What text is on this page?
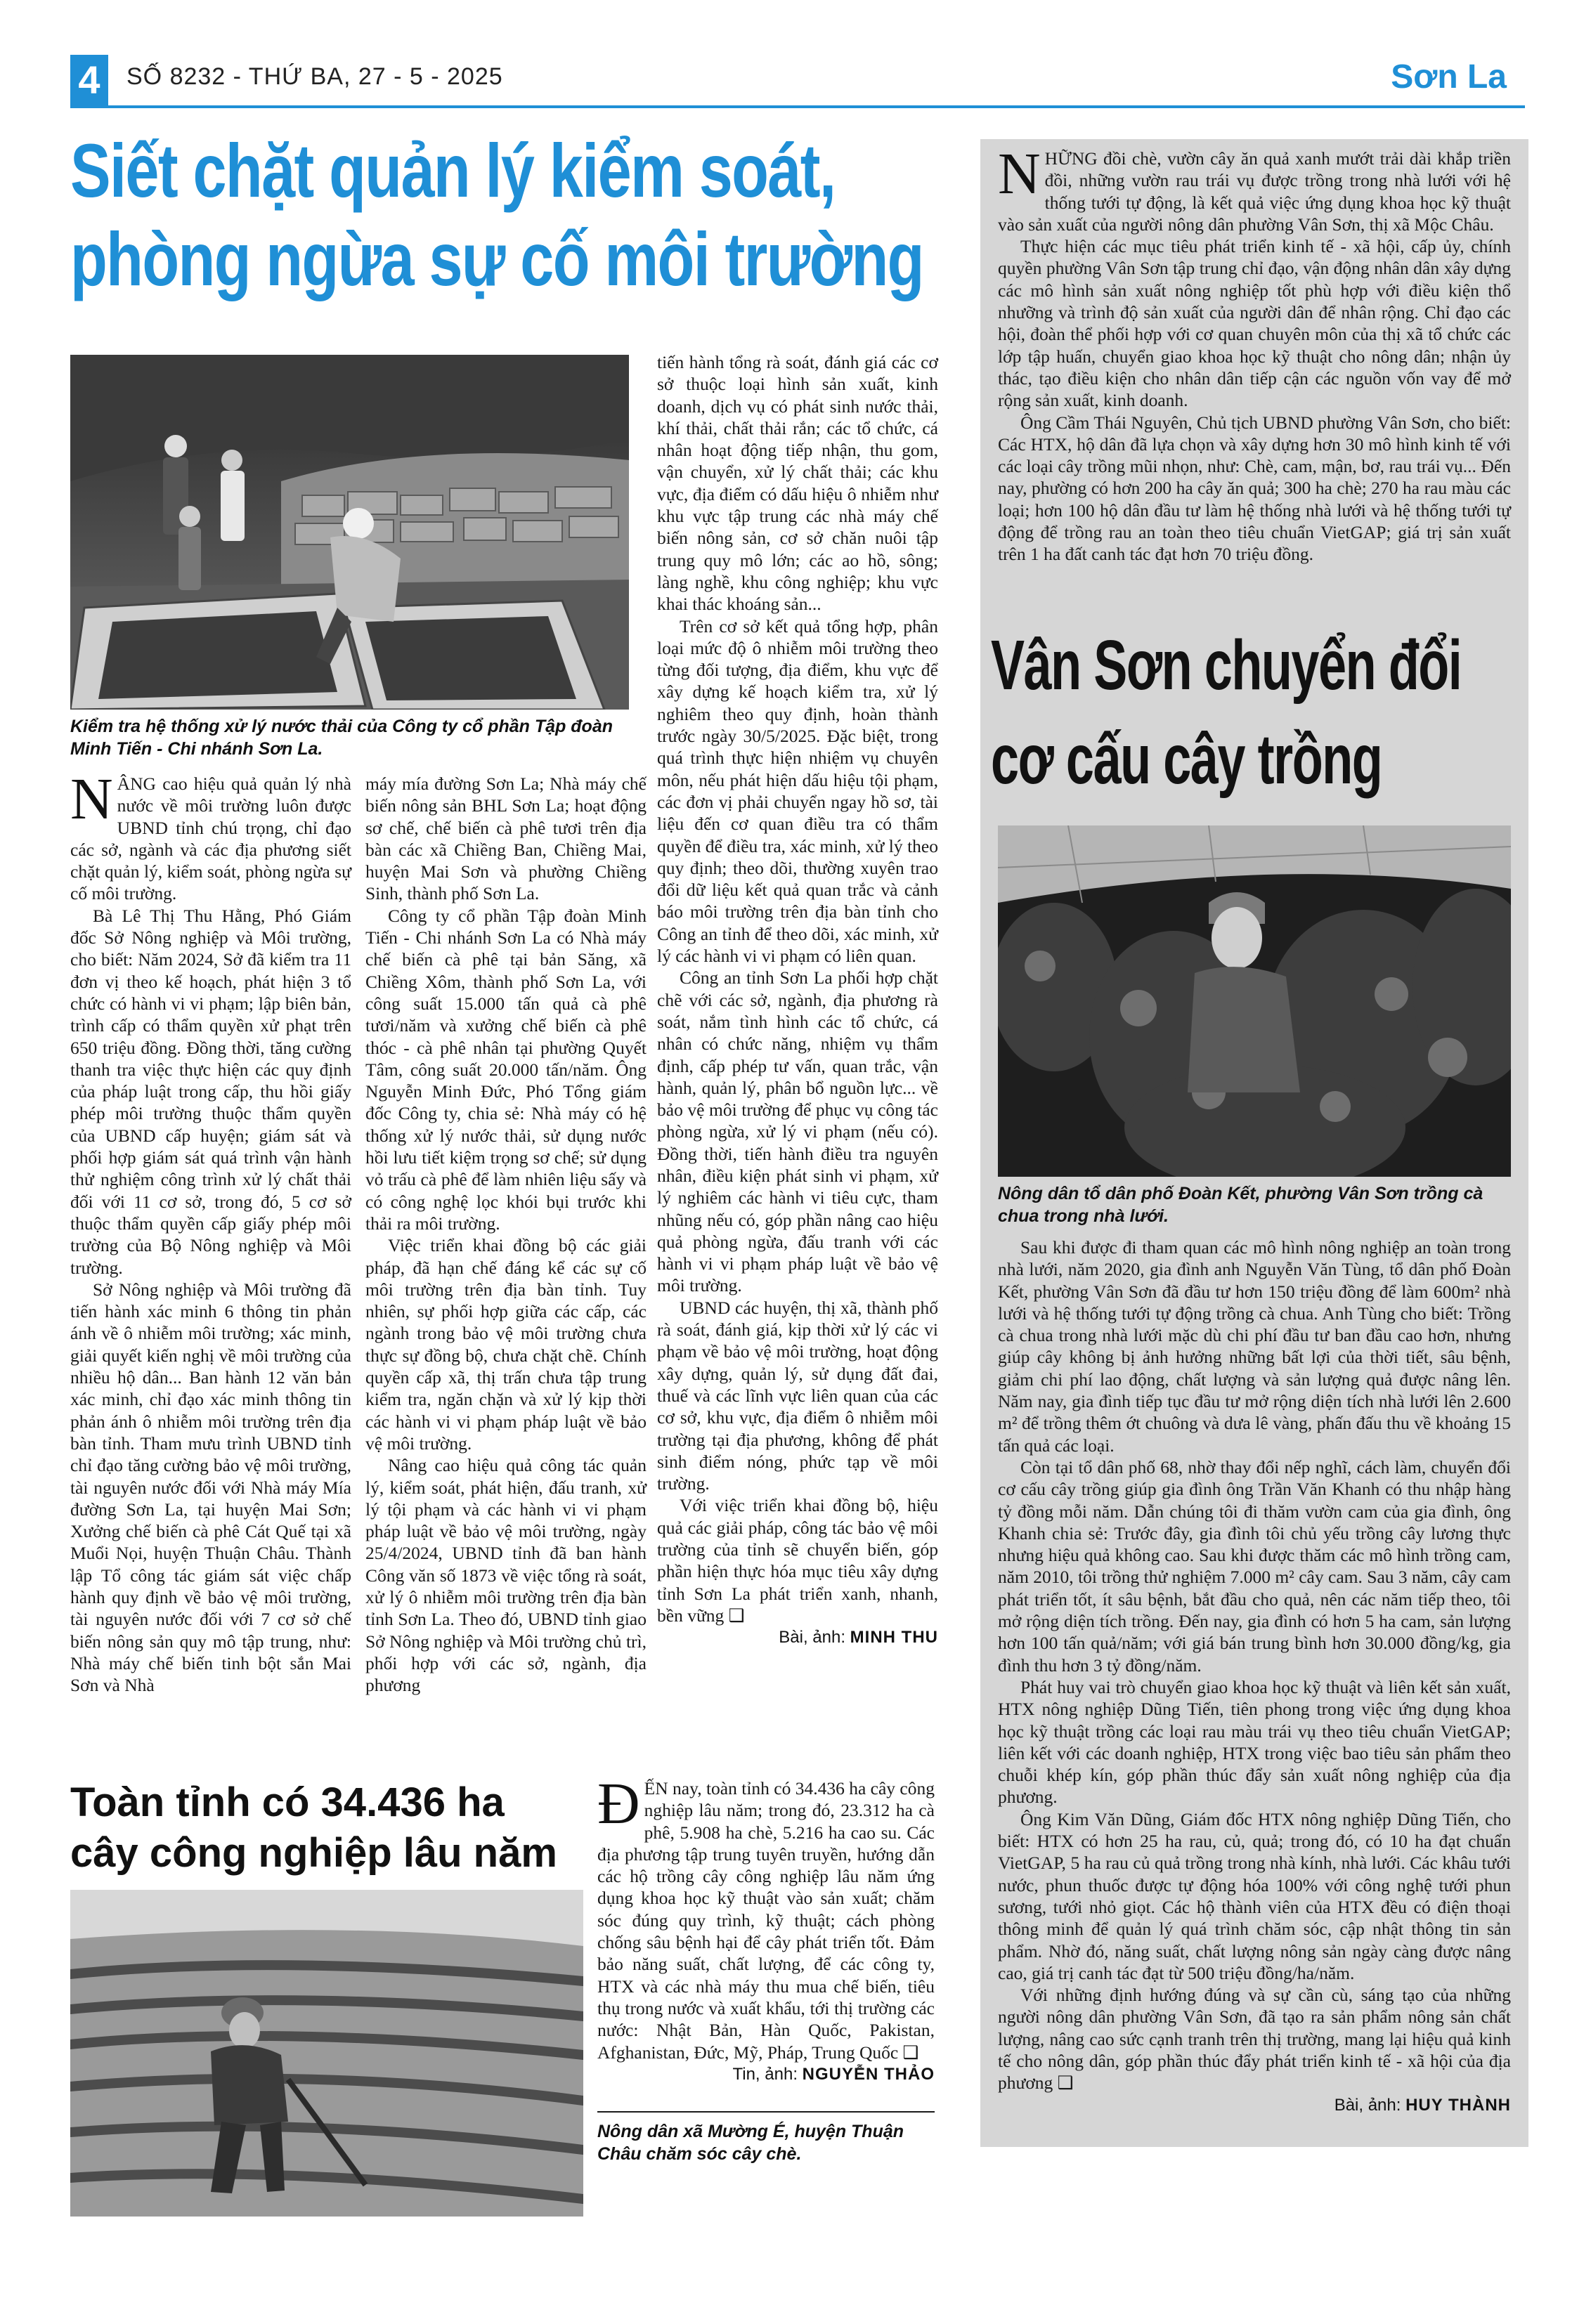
4	SỐ 8232 - THỨ BA, 27 - 5 - 2025	Sơn La
Siết chặt quản lý kiểm soát,
phòng ngừa sự cố môi trường
Kiểm tra hệ thống xử lý nước thải của Công ty cổ phần Tập đoàn Minh Tiến - Chi nhánh Sơn La.

NÂNG cao hiệu quả quản lý nhà nước về môi trường luôn được UBND tỉnh chú trọng, chỉ đạo các sở, ngành và các địa phương siết chặt quản lý, kiểm soát, phòng ngừa sự cố môi trường.

Bà Lê Thị Thu Hằng, Phó Giám đốc Sở Nông nghiệp và Môi trường, cho biết: Năm 2024, Sở đã kiểm tra 11 đơn vị theo kế hoạch, phát hiện 3 tổ chức có hành vi vi phạm; lập biên bản, trình cấp có thẩm quyền xử phạt trên 650 triệu đồng. Đồng thời, tăng cường thanh tra việc thực hiện các quy định của pháp luật trong cấp, thu hồi giấy phép môi trường thuộc thẩm quyền của UBND cấp huyện; giám sát và phối hợp giám sát quá trình vận hành thử nghiệm công trình xử lý chất thải đối với 11 cơ sở, trong đó, 5 cơ sở thuộc thẩm quyền cấp giấy phép môi trường của Bộ Nông nghiệp và Môi trường.

Sở Nông nghiệp và Môi trường đã tiến hành xác minh 6 thông tin phản ánh về ô nhiễm môi trường; xác minh, giải quyết kiến nghị về môi trường của nhiều hộ dân... Ban hành 12 văn bản xác minh, chỉ đạo xác minh thông tin phản ánh ô nhiễm môi trường trên địa bàn tỉnh. Tham mưu trình UBND tỉnh chỉ đạo tăng cường bảo vệ môi trường, tài nguyên nước đối với Nhà máy Mía đường Sơn La, tại huyện Mai Sơn; Xưởng chế biến cà phê Cát Quế tại xã Muổi Nọi, huyện Thuận Châu. Thành lập Tổ công tác giám sát việc chấp hành quy định về bảo vệ môi trường, tài nguyên nước đối với 7 cơ sở chế biến nông sản quy mô tập trung, như: Nhà máy chế biến tinh bột sắn Mai Sơn và Nhà

máy mía đường Sơn La; Nhà máy chế biến nông sản BHL Sơn La; hoạt động sơ chế, chế biến cà phê tươi trên địa bàn các xã Chiềng Ban, Chiềng Mai, huyện Mai Sơn và phường Chiềng Sinh, thành phố Sơn La.

Công ty cổ phần Tập đoàn Minh Tiến - Chi nhánh Sơn La có Nhà máy chế biến cà phê tại bản Săng, xã Chiềng Xôm, thành phố Sơn La, với công suất 15.000 tấn quả cà phê tươi/năm và xưởng chế biến cà phê thóc - cà phê nhân tại phường Quyết Tâm, công suất 20.000 tấn/năm. Ông Nguyễn Minh Đức, Phó Tổng giám đốc Công ty, chia sẻ: Nhà máy có hệ thống xử lý nước thải, sử dụng nước hồi lưu tiết kiệm trọng sơ chế; sử dụng vỏ trấu cà phê để làm nhiên liệu sấy và có công nghệ lọc khói bụi trước khi thải ra môi trường.

Việc triển khai đồng bộ các giải pháp, đã hạn chế đáng kể các sự cố môi trường trên địa bàn tỉnh. Tuy nhiên, sự phối hợp giữa các cấp, các ngành trong bảo vệ môi trường chưa thực sự đồng bộ, chưa chặt chẽ. Chính quyền cấp xã, thị trấn chưa tập trung kiểm tra, ngăn chặn và xử lý kịp thời các hành vi vi phạm pháp luật về bảo vệ môi trường.

Nâng cao hiệu quả công tác quản lý, kiểm soát, phát hiện, đấu tranh, xử lý tội phạm và các hành vi vi phạm pháp luật về bảo vệ môi trường, ngày 25/4/2024, UBND tỉnh đã ban hành Công văn số 1873 về việc tổng rà soát, xử lý ô nhiễm môi trường trên địa bàn tỉnh Sơn La. Theo đó, UBND tỉnh giao Sở Nông nghiệp và Môi trường chủ trì, phối hợp với các sở, ngành, địa phương

tiến hành tổng rà soát, đánh giá các cơ sở thuộc loại hình sản xuất, kinh doanh, dịch vụ có phát sinh nước thải, khí thải, chất thải rắn; các tổ chức, cá nhân hoạt động tiếp nhận, thu gom, vận chuyển, xử lý chất thải; các khu vực, địa điểm có dấu hiệu ô nhiễm như khu vực tập trung các nhà máy chế biến nông sản, cơ sở chăn nuôi tập trung quy mô lớn; các ao hồ, sông; làng nghề, khu công nghiệp; khu vực khai thác khoáng sản...

Trên cơ sở kết quả tổng hợp, phân loại mức độ ô nhiễm môi trường theo từng đối tượng, địa điểm, khu vực để xây dựng kế hoạch kiểm tra, xử lý nghiêm theo quy định, hoàn thành trước ngày 30/5/2025. Đặc biệt, trong quá trình thực hiện nhiệm vụ chuyên môn, nếu phát hiện dấu hiệu tội phạm, các đơn vị phải chuyển ngay hồ sơ, tài liệu đến cơ quan điều tra có thẩm quyền để điều tra, xác minh, xử lý theo quy định; theo dõi, thường xuyên trao đổi dữ liệu kết quả quan trắc và cảnh báo môi trường trên địa bàn tỉnh cho Công an tỉnh để theo dõi, xác minh, xử lý các hành vi vi phạm có liên quan.

Công an tỉnh Sơn La phối hợp chặt chẽ với các sở, ngành, địa phương rà soát, nắm tình hình các tổ chức, cá nhân có chức năng, nhiệm vụ thẩm định, cấp phép tư vấn, quan trắc, vận hành, quản lý, phân bổ nguồn lực... về bảo vệ môi trường để phục vụ công tác phòng ngừa, xử lý vi phạm (nếu có). Đồng thời, tiến hành điều tra nguyên nhân, điều kiện phát sinh vi phạm, xử lý nghiêm các hành vi tiêu cực, tham nhũng nếu có, góp phần nâng cao hiệu quả phòng ngừa, đấu tranh với các hành vi vi phạm pháp luật về bảo vệ môi trường.

UBND các huyện, thị xã, thành phố rà soát, đánh giá, kịp thời xử lý các vi phạm về bảo vệ môi trường, hoạt động xây dựng, quản lý, sử dụng đất đai, thuế và các lĩnh vực liên quan của các cơ sở, khu vực, địa điểm ô nhiễm môi trường tại địa phương, không để phát sinh điểm nóng, phức tạp về môi trường.

Với việc triển khai đồng bộ, hiệu quả các giải pháp, công tác bảo vệ môi trường của tỉnh sẽ chuyển biến, góp phần hiện thực hóa mục tiêu xây dựng tỉnh Sơn La phát triển xanh, nhanh, bền vững ❑

Bài, ảnh: MINH THU

NHỮNG đồi chè, vườn cây ăn quả xanh mướt trải dài khắp triền đồi, những vườn rau trái vụ được trồng trong nhà lưới với hệ thống tưới tự động, là kết quả việc ứng dụng khoa học kỹ thuật vào sản xuất của người nông dân phường Vân Sơn, thị xã Mộc Châu.

Thực hiện các mục tiêu phát triển kinh tế - xã hội, cấp ủy, chính quyền phường Vân Sơn tập trung chỉ đạo, vận động nhân dân xây dựng các mô hình sản xuất nông nghiệp tốt phù hợp với điều kiện thổ nhưỡng và trình độ sản xuất của người dân để nhân rộng. Chỉ đạo các hội, đoàn thể phối hợp với cơ quan chuyên môn của thị xã tổ chức các lớp tập huấn, chuyển giao khoa học kỹ thuật cho nông dân; nhận ủy thác, tạo điều kiện cho nhân dân tiếp cận các nguồn vốn vay để mở rộng sản xuất, kinh doanh.

Ông Cầm Thái Nguyên, Chủ tịch UBND phường Vân Sơn, cho biết: Các HTX, hộ dân đã lựa chọn và xây dựng hơn 30 mô hình kinh tế với các loại cây trồng mũi nhọn, như: Chè, cam, mận, bơ, rau trái vụ... Đến nay, phường có hơn 200 ha cây ăn quả; 300 ha chè; 270 ha rau màu các loại; hơn 100 hộ dân đầu tư làm hệ thống nhà lưới và hệ thống tưới tự động để trồng rau an toàn theo tiêu chuẩn VietGAP; giá trị sản xuất trên 1 ha đất canh tác đạt hơn 70 triệu đồng.

Vân Sơn chuyển đổi
cơ cấu cây trồng
Nông dân tổ dân phố Đoàn Kết, phường Vân Sơn trồng cà chua trong nhà lưới.

Sau khi được đi tham quan các mô hình nông nghiệp an toàn trong nhà lưới, năm 2020, gia đình anh Nguyễn Văn Tùng, tổ dân phố Đoàn Kết, phường Vân Sơn đã đầu tư hơn 150 triệu đồng để làm 600m² nhà lưới và hệ thống tưới tự động trồng cà chua. Anh Tùng cho biết: Trồng cà chua trong nhà lưới mặc dù chi phí đầu tư ban đầu cao hơn, nhưng giúp cây không bị ảnh hưởng những bất lợi của thời tiết, sâu bệnh, giảm chi phí lao động, chất lượng và sản lượng quả được nâng lên. Năm nay, gia đình tiếp tục đầu tư mở rộng diện tích nhà lưới lên 2.600 m² để trồng thêm ớt chuông và dưa lê vàng, phấn đấu thu về khoảng 15 tấn quả các loại.

Còn tại tổ dân phố 68, nhờ thay đổi nếp nghĩ, cách làm, chuyển đổi cơ cấu cây trồng giúp gia đình ông Trần Văn Khanh có thu nhập hàng tỷ đồng mỗi năm. Dẫn chúng tôi đi thăm vườn cam của gia đình, ông Khanh chia sẻ: Trước đây, gia đình tôi chủ yếu trồng cây lương thực nhưng hiệu quả không cao. Sau khi được thăm các mô hình trồng cam, năm 2010, tôi trồng thử nghiệm 7.000 m² cây cam. Sau 3 năm, cây cam phát triển tốt, ít sâu bệnh, bắt đầu cho quả, nên các năm tiếp theo, tôi mở rộng diện tích trồng. Đến nay, gia đình có hơn 5 ha cam, sản lượng hơn 100 tấn quả/năm; với giá bán trung bình hơn 30.000 đồng/kg, gia đình thu hơn 3 tỷ đồng/năm.

Phát huy vai trò chuyển giao khoa học kỹ thuật và liên kết sản xuất, HTX nông nghiệp Dũng Tiến, tiên phong trong việc ứng dụng khoa học kỹ thuật trồng các loại rau màu trái vụ theo tiêu chuẩn VietGAP; liên kết với các doanh nghiệp, HTX trong việc bao tiêu sản phẩm theo chuỗi khép kín, góp phần thúc đẩy sản xuất nông nghiệp của địa phương.

Ông Kim Văn Dũng, Giám đốc HTX nông nghiệp Dũng Tiến, cho biết: HTX có hơn 25 ha rau, củ, quả; trong đó, có 10 ha đạt chuẩn VietGAP, 5 ha rau củ quả trồng trong nhà kính, nhà lưới. Các khâu tưới nước, phun thuốc được tự động hóa 100% với công nghệ tưới phun sương, tưới nhỏ giọt. Các hộ thành viên của HTX đều có điện thoại thông minh để quản lý quá trình chăm sóc, cập nhật thông tin sản phẩm. Nhờ đó, năng suất, chất lượng nông sản ngày càng được nâng cao, giá trị canh tác đạt từ 500 triệu đồng/ha/năm.

Với những định hướng đúng và sự cần cù, sáng tạo của những người nông dân phường Vân Sơn, đã tạo ra sản phẩm nông sản chất lượng, nâng cao sức cạnh tranh trên thị trường, mang lại hiệu quả kinh tế cho nông dân, góp phần thúc đẩy phát triển kinh tế - xã hội của địa phương ❑

Bài, ảnh: HUY THÀNH
Toàn tỉnh có 34.436 ha
cây công nghiệp lâu năm

ĐẾN nay, toàn tỉnh có 34.436 ha cây công nghiệp lâu năm; trong đó, 23.312 ha cà phê, 5.908 ha chè, 5.216 ha cao su. Các địa phương tập trung tuyên truyền, hướng dẫn các hộ trồng cây công nghiệp lâu năm ứng dụng khoa học kỹ thuật vào sản xuất; chăm sóc đúng quy trình, kỹ thuật; cách phòng chống sâu bệnh hại để cây phát triển tốt. Đảm bảo năng suất, chất lượng, để các công ty, HTX và các nhà máy thu mua chế biến, tiêu thụ trong nước và xuất khẩu, tới thị trường các nước: Nhật Bản, Hàn Quốc, Pakistan, Afghanistan, Đức, Mỹ, Pháp, Trung Quốc ❑

Tin, ảnh: NGUYỄN THẢO
Nông dân xã Mường É, huyện Thuận Châu chăm sóc cây chè.
